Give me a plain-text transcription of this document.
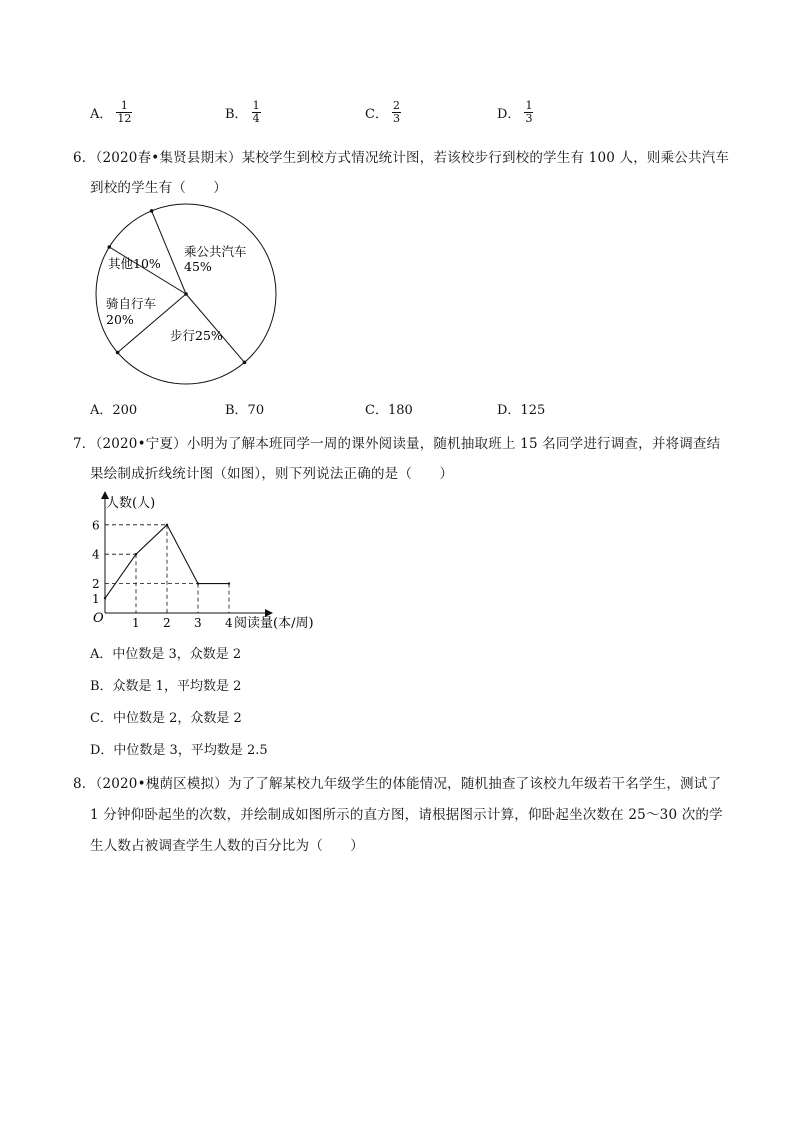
A． $\frac{1}{12}$	B． $\frac{1}{4}$	C． $\frac{2}{3}$	D． $\frac{1}{3}$
6．（2020春•集贤县期末）某校学生到校方式情况统计图，若该校步行到校的学生有 100 人，则乘公共汽车
到校的学生有（　　）
乘公共汽车
45%
其他10%
骑自行车
20%
步行25%
A．200	B．70	C．180	D．125
7．（2020•宁夏）小明为了解本班同学一周的课外阅读量，随机抽取班上 15 名同学进行调查，并将调查结
果绘制成折线统计图（如图），则下列说法正确的是（　　）
1 2 3 4
1
2
4
6
人数(人)
阅读量(本/周)
O
A．中位数是 3，众数是 2
B．众数是 1，平均数是 2
C．中位数是 2，众数是 2
D．中位数是 3，平均数是 2.5
8．（2020•槐荫区模拟）为了了解某校九年级学生的体能情况，随机抽查了该校九年级若干名学生，测试了
1 分钟仰卧起坐的次数，并绘制成如图所示的直方图，请根据图示计算，仰卧起坐次数在 25～30 次的学
生人数占被调查学生人数的百分比为（　　）
